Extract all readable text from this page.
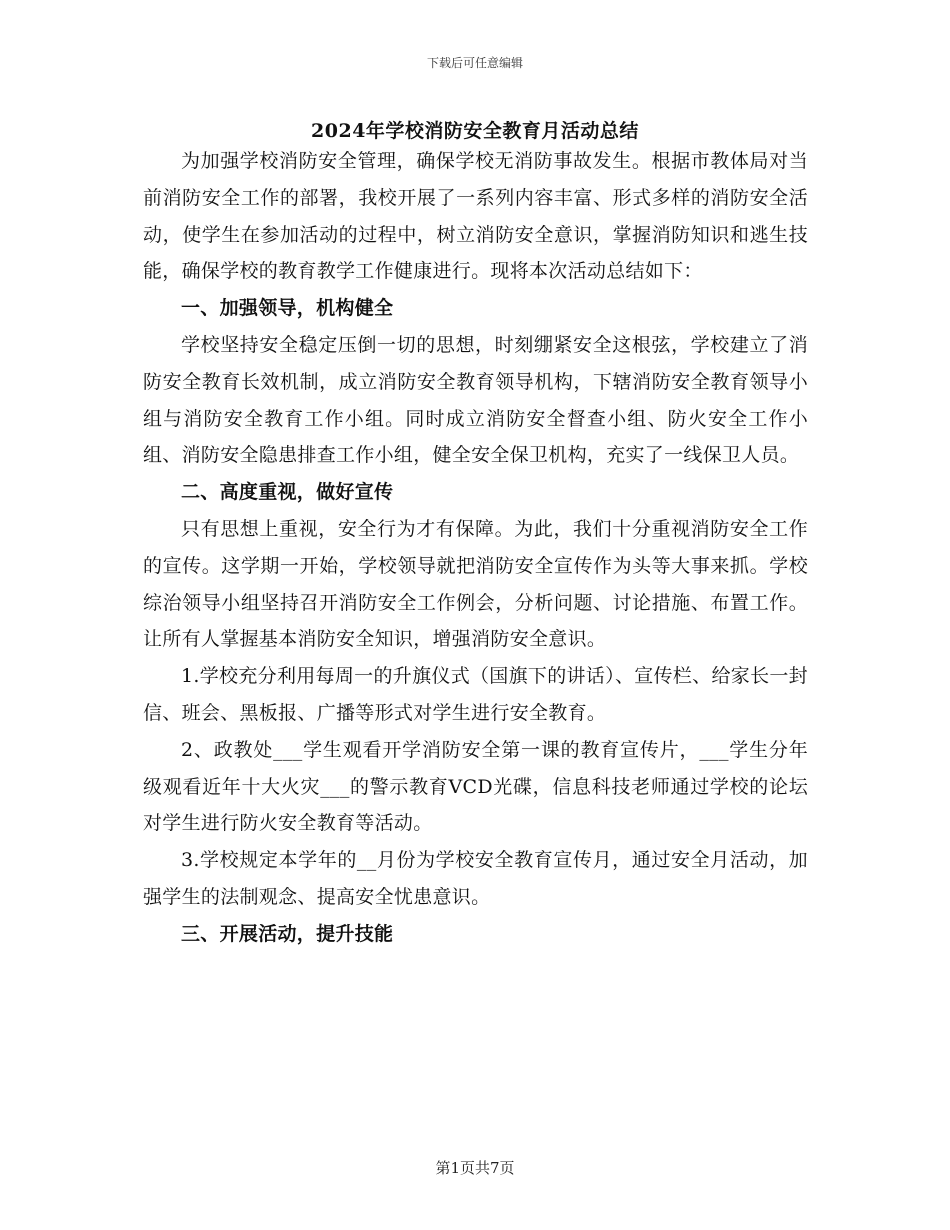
下载后可任意编辑
2024年学校消防安全教育月活动总结

为加强学校消防安全管理，确保学校无消防事故发生。根据市教体局对当前消防安全工作的部署，我校开展了一系列内容丰富、形式多样的消防安全活动，使学生在参加活动的过程中，树立消防安全意识，掌握消防知识和逃生技能，确保学校的教育教学工作健康进行。现将本次活动总结如下：

一、加强领导，机构健全

学校坚持安全稳定压倒一切的思想，时刻绷紧安全这根弦，学校建立了消防安全教育长效机制，成立消防安全教育领导机构，下辖消防安全教育领导小组与消防安全教育工作小组。同时成立消防安全督查小组、防火安全工作小组、消防安全隐患排查工作小组，健全安全保卫机构，充实了一线保卫人员。

二、高度重视，做好宣传

只有思想上重视，安全行为才有保障。为此，我们十分重视消防安全工作的宣传。这学期一开始，学校领导就把消防安全宣传作为头等大事来抓。学校综治领导小组坚持召开消防安全工作例会，分析问题、讨论措施、布置工作。让所有人掌握基本消防安全知识，增强消防安全意识。

1.学校充分利用每周一的升旗仪式（国旗下的讲话）、宣传栏、给家长一封信、班会、黑板报、广播等形式对学生进行安全教育。

2、政教处___学生观看开学消防安全第一课的教育宣传片，___学生分年级观看近年十大火灾___的警示教育VCD光碟，信息科技老师通过学校的论坛对学生进行防火安全教育等活动。

3.学校规定本学年的__月份为学校安全教育宣传月，通过安全月活动，加强学生的法制观念、提高安全忧患意识。

三、开展活动，提升技能
第1页共7页
